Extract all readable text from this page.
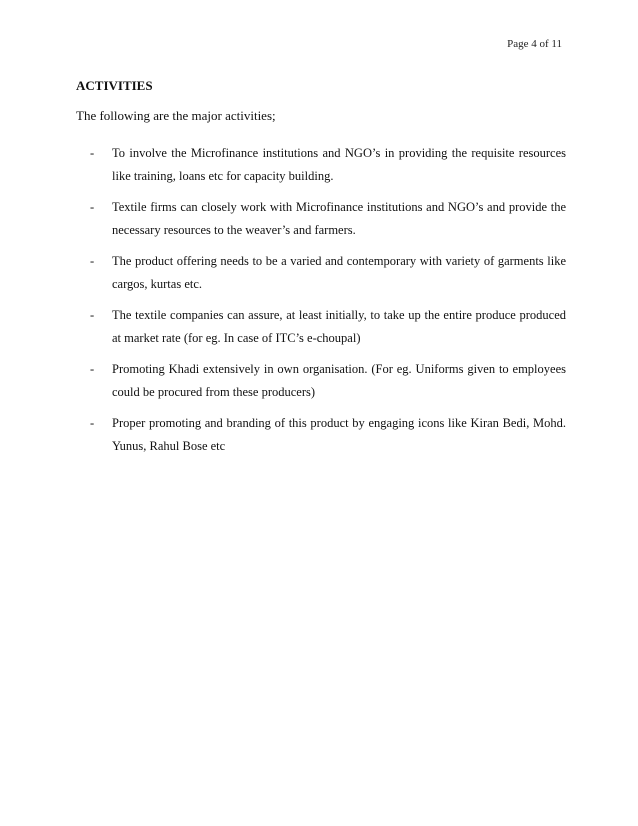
Page 4 of 11
ACTIVITIES

The following are the major activities;

- To involve the Microfinance institutions and NGO’s in providing the requisite resources like training, loans etc for capacity building.
- Textile firms can closely work with Microfinance institutions and NGO’s and provide the necessary resources to the weaver’s and farmers.
- The product offering needs to be a varied and contemporary with variety of garments like cargos, kurtas etc.
- The textile companies can assure, at least initially, to take up the entire produce produced at market rate (for eg. In case of ITC’s e-choupal)
- Promoting Khadi extensively in own organisation. (For eg. Uniforms given to employees could be procured from these producers)
- Proper promoting and branding of this product by engaging icons like Kiran Bedi, Mohd. Yunus, Rahul Bose etc
